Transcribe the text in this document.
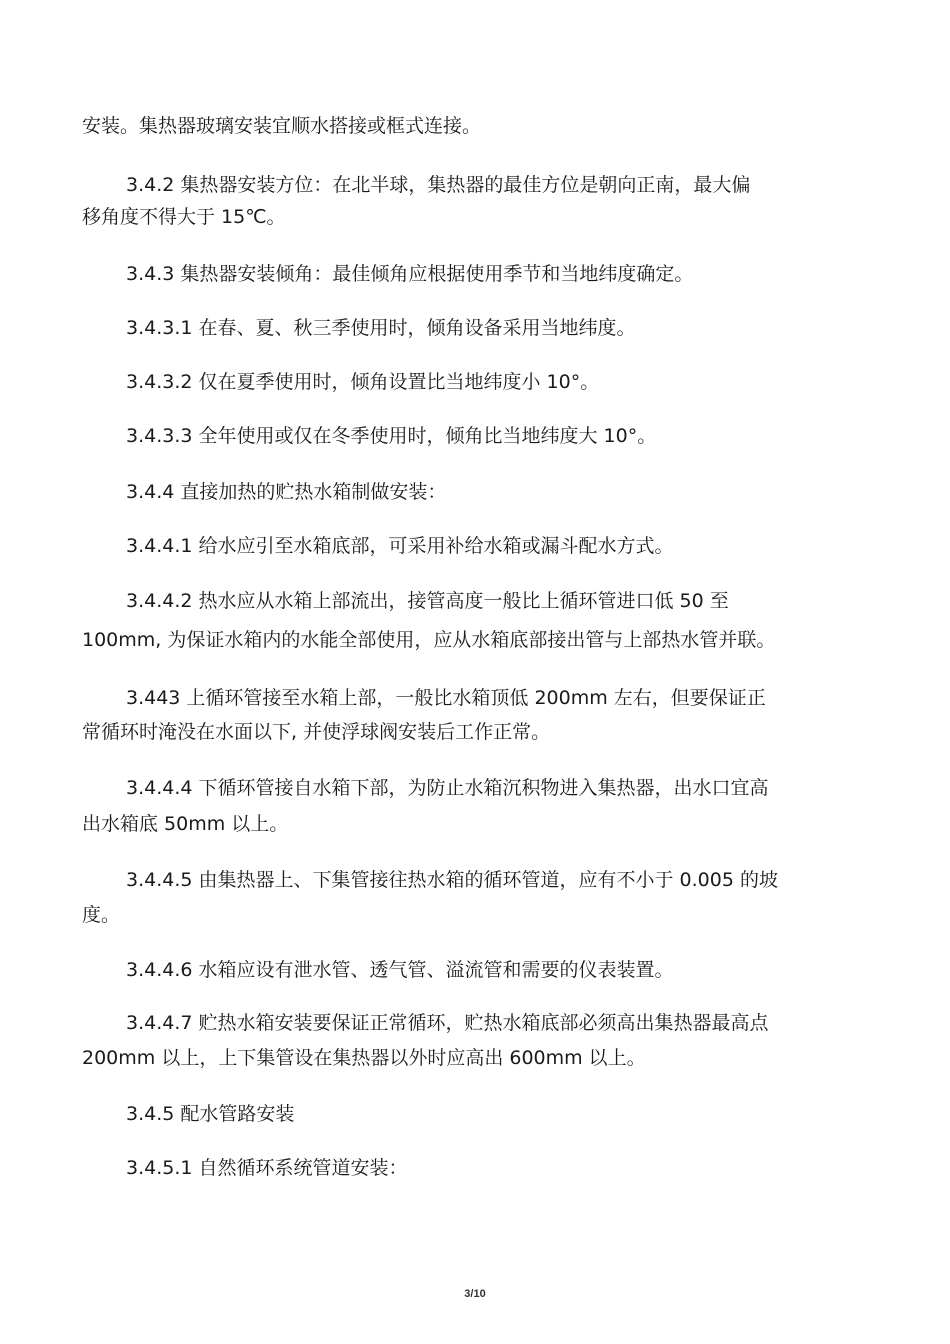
安装。集热器玻璃安装宜顺水搭接或框式连接。
3.4.2 集热器安装方位：在北半球，集热器的最佳方位是朝向正南，最大偏
移角度不得大于 15℃。
3.4.3 集热器安装倾角：最佳倾角应根据使用季节和当地纬度确定。
3.4.3.1 在春、夏、秋三季使用时，倾角设备采用当地纬度。
3.4.3.2 仅在夏季使用时，倾角设置比当地纬度小 10°。
3.4.3.3 全年使用或仅在冬季使用时，倾角比当地纬度大 10°。
3.4.4 直接加热的贮热水箱制做安装：
3.4.4.1 给水应引至水箱底部，可采用补给水箱或漏斗配水方式。
3.4.4.2 热水应从水箱上部流出，接管高度一般比上循环管进口低 50 至
100mm, 为保证水箱内的水能全部使用，应从水箱底部接出管与上部热水管并联。
3.443 上循环管接至水箱上部，一般比水箱顶低 200mm 左右，但要保证正
常循环时淹没在水面以下, 并使浮球阀安装后工作正常。
3.4.4.4 下循环管接自水箱下部，为防止水箱沉积物进入集热器，出水口宜高
出水箱底 50mm 以上。
3.4.4.5 由集热器上、下集管接往热水箱的循环管道，应有不小于 0.005 的坡
度。
3.4.4.6 水箱应设有泄水管、透气管、溢流管和需要的仪表装置。
3.4.4.7 贮热水箱安装要保证正常循环，贮热水箱底部必须高出集热器最高点
200mm 以上，上下集管设在集热器以外时应高出 600mm 以上。
3.4.5 配水管路安装
3.4.5.1 自然循环系统管道安装：
3/10
